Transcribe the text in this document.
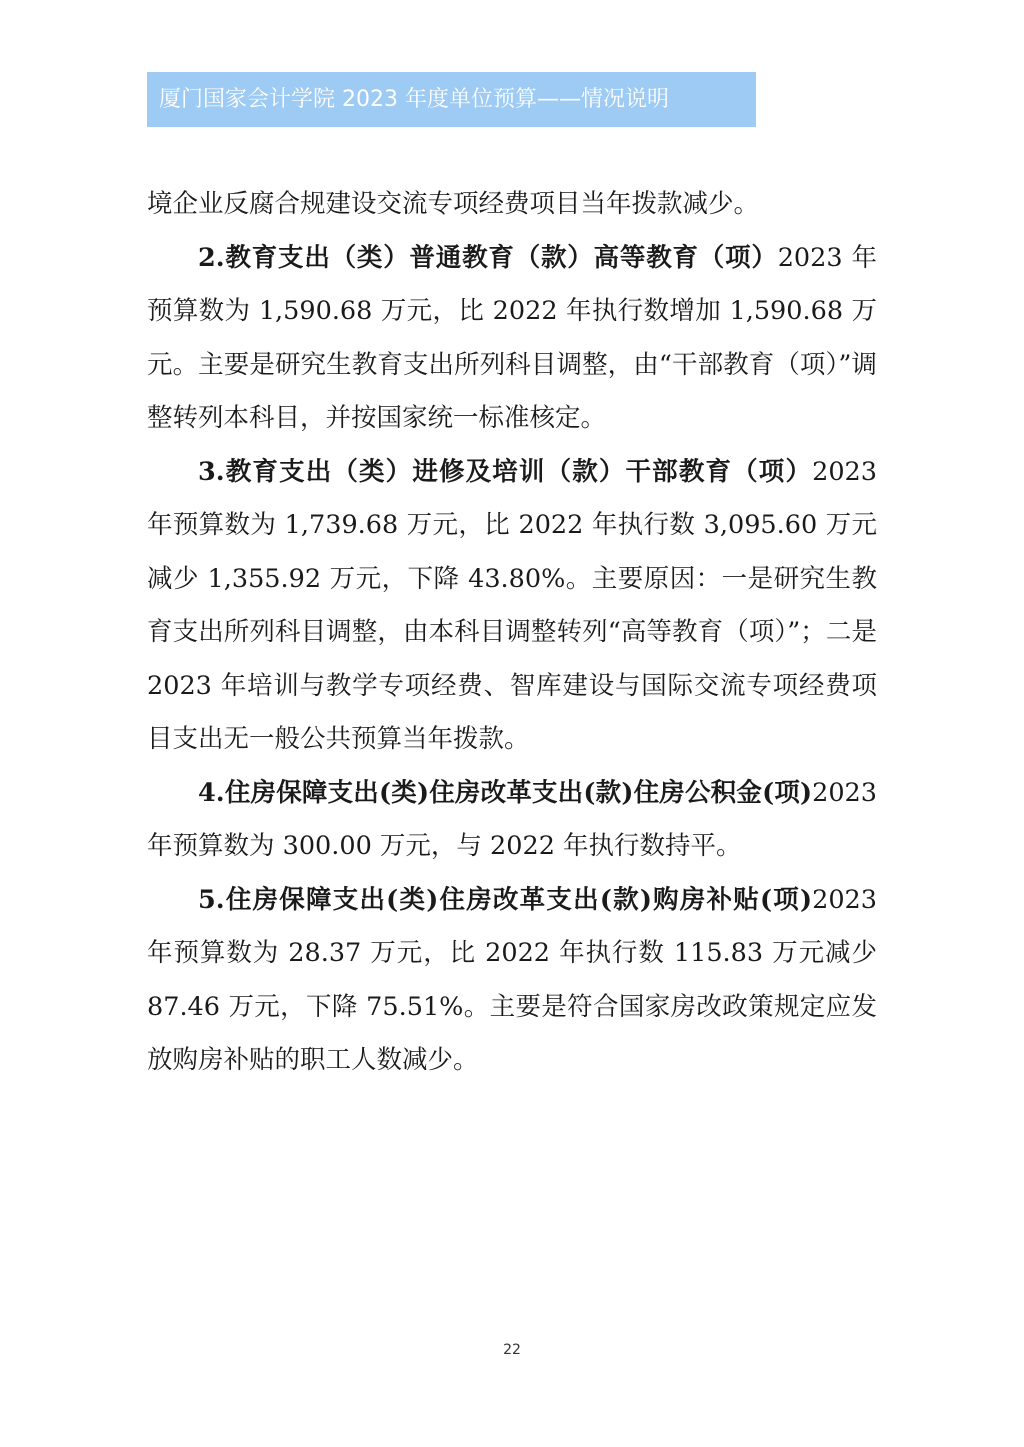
厦门国家会计学院 2023 年度单位预算——情况说明

境企业反腐合规建设交流专项经费项目当年拨款减少。

2.教育支出（类）普通教育（款）高等教育（项）2023 年预算数为 1,590.68 万元，比 2022 年执行数增加 1,590.68 万元。主要是研究生教育支出所列科目调整，由“干部教育（项）”调整转列本科目，并按国家统一标准核定。

3.教育支出（类）进修及培训（款）干部教育（项）2023 年预算数为 1,739.68 万元，比 2022 年执行数 3,095.60 万元减少 1,355.92 万元，下降 43.80%。主要原因：一是研究生教育支出所列科目调整，由本科目调整转列“高等教育（项）”；二是 2023 年培训与教学专项经费、智库建设与国际交流专项经费项目支出无一般公共预算当年拨款。

4.住房保障支出(类)住房改革支出(款)住房公积金(项)2023 年预算数为 300.00 万元，与 2022 年执行数持平。

5.住房保障支出(类)住房改革支出(款)购房补贴(项)2023 年预算数为 28.37 万元，比 2022 年执行数 115.83 万元减少 87.46 万元，下降 75.51%。主要是符合国家房改政策规定应发放购房补贴的职工人数减少。

22
